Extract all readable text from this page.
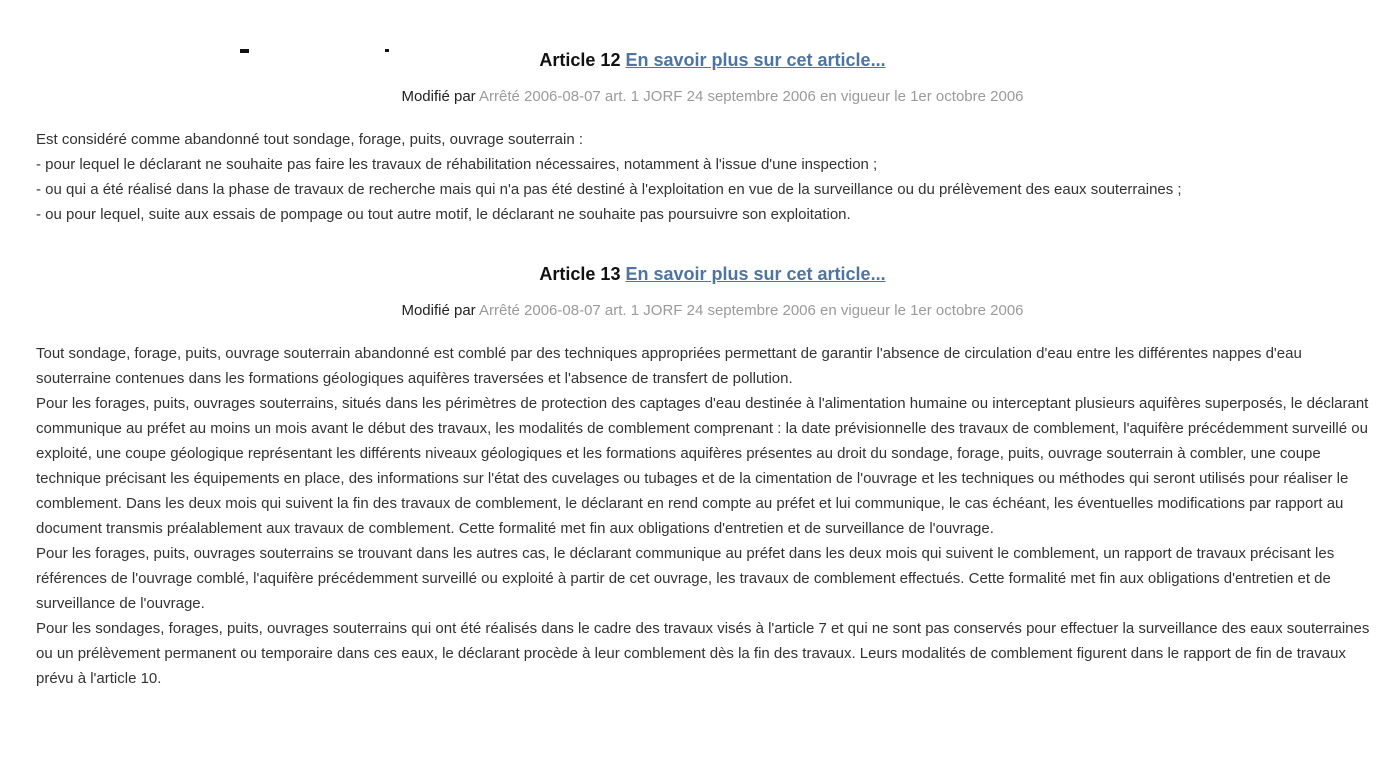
Article 12 En savoir plus sur cet article...

Modifié par Arrêté 2006-08-07 art. 1 JORF 24 septembre 2006 en vigueur le 1er octobre 2006

Est considéré comme abandonné tout sondage, forage, puits, ouvrage souterrain :
- pour lequel le déclarant ne souhaite pas faire les travaux de réhabilitation nécessaires, notamment à l'issue d'une inspection ;
- ou qui a été réalisé dans la phase de travaux de recherche mais qui n'a pas été destiné à l'exploitation en vue de la surveillance ou du prélèvement des eaux souterraines ;
- ou pour lequel, suite aux essais de pompage ou tout autre motif, le déclarant ne souhaite pas poursuivre son exploitation.
Article 13 En savoir plus sur cet article...

Modifié par Arrêté 2006-08-07 art. 1 JORF 24 septembre 2006 en vigueur le 1er octobre 2006

Tout sondage, forage, puits, ouvrage souterrain abandonné est comblé par des techniques appropriées permettant de garantir l'absence de circulation d'eau entre les différentes nappes d'eau souterraine contenues dans les formations géologiques aquifères traversées et l'absence de transfert de pollution.
Pour les forages, puits, ouvrages souterrains, situés dans les périmètres de protection des captages d'eau destinée à l'alimentation humaine ou interceptant plusieurs aquifères superposés, le déclarant communique au préfet au moins un mois avant le début des travaux, les modalités de comblement comprenant : la date prévisionnelle des travaux de comblement, l'aquifère précédemment surveillé ou exploité, une coupe géologique représentant les différents niveaux géologiques et les formations aquifères présentes au droit du sondage, forage, puits, ouvrage souterrain à combler, une coupe technique précisant les équipements en place, des informations sur l'état des cuvelages ou tubages et de la cimentation de l'ouvrage et les techniques ou méthodes qui seront utilisés pour réaliser le comblement. Dans les deux mois qui suivent la fin des travaux de comblement, le déclarant en rend compte au préfet et lui communique, le cas échéant, les éventuelles modifications par rapport au document transmis préalablement aux travaux de comblement. Cette formalité met fin aux obligations d'entretien et de surveillance de l'ouvrage.
Pour les forages, puits, ouvrages souterrains se trouvant dans les autres cas, le déclarant communique au préfet dans les deux mois qui suivent le comblement, un rapport de travaux précisant les références de l'ouvrage comblé, l'aquifère précédemment surveillé ou exploité à partir de cet ouvrage, les travaux de comblement effectués. Cette formalité met fin aux obligations d'entretien et de surveillance de l'ouvrage.
Pour les sondages, forages, puits, ouvrages souterrains qui ont été réalisés dans le cadre des travaux visés à l'article 7 et qui ne sont pas conservés pour effectuer la surveillance des eaux souterraines ou un prélèvement permanent ou temporaire dans ces eaux, le déclarant procède à leur comblement dès la fin des travaux. Leurs modalités de comblement figurent dans le rapport de fin de travaux prévu à l'article 10.
